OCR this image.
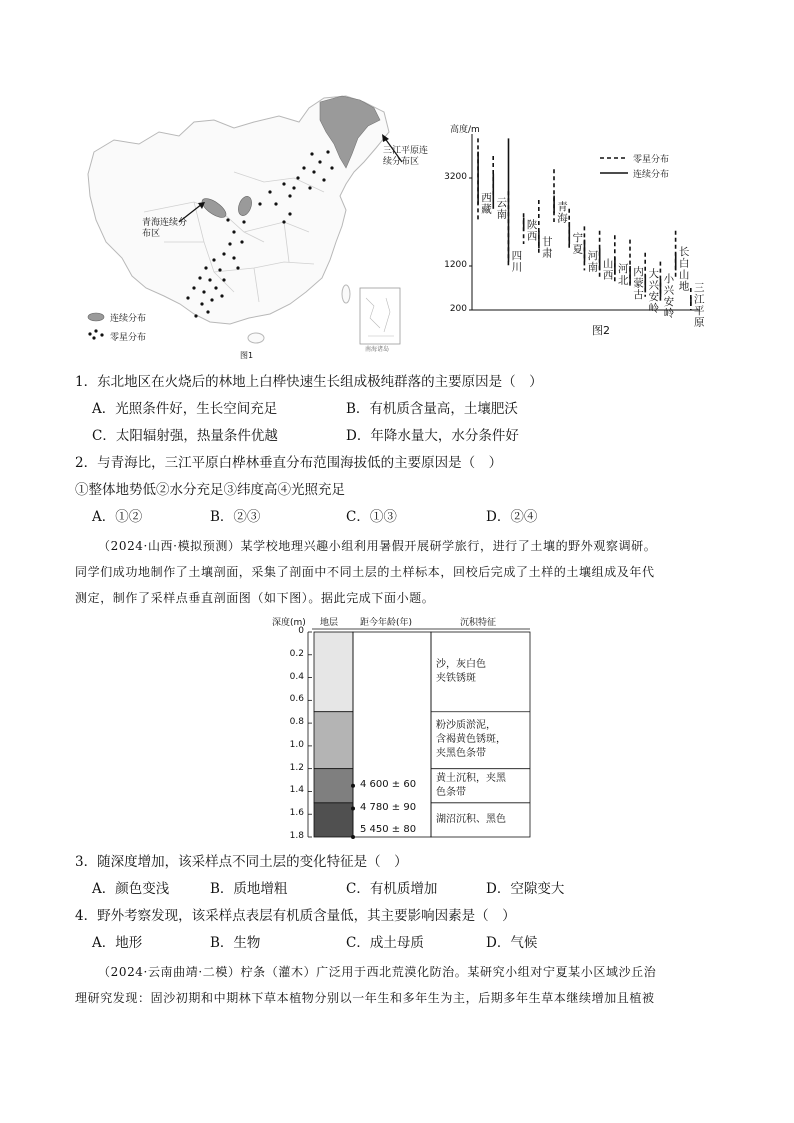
三江平原连续分布区
青海连续分布区
连续分布
零星分布
南海诸岛
图1
高度/m
零星分布
连续分布
200
1200
3200
西藏 云南
四川
陕西
甘肃
青海
宁夏
河南 山西 河北 内蒙古 大兴安岭 小兴安岭
长白山地
三江平原
图2
1．东北地区在火烧后的林地上白桦快速生长组成极纯群落的主要原因是（　）
A．光照条件好，生长空间充足	B．有机质含量高，土壤肥沃
C．太阳辐射强，热量条件优越	D．年降水量大，水分条件好
2．与青海比，三江平原白桦林垂直分布范围海拔低的主要原因是（　）
①整体地势低②水分充足③纬度高④光照充足
A．①②	B．②③	C．①③	D．②④
（2024·山西·模拟预测）某学校地理兴趣小组利用暑假开展研学旅行，进行了土壤的野外观察调研。
同学们成功地制作了土壤剖面，采集了剖面中不同土层的土样标本，回校后完成了土样的土壤组成及年代
测定，制作了采样点垂直剖面图（如下图）。据此完成下面小题。
深度(m) 地层 距今年龄(年)	沉积特征
0
0.2
0.4
0.6
0.8
1.0
1.2
1.4
1.6
1.8
4 600 ± 60
4 780 ± 90
5 450 ± 80
沙，灰白色
夹铁锈斑
粉沙质淤泥，
含褐黄色锈斑，
夹黑色条带
黄土沉积，夹黑
色条带
湖沼沉积、黑色
3．随深度增加，该采样点不同土层的变化特征是（　）
A．颜色变浅	B．质地增粗	C．有机质增加	D．空隙变大
4．野外考察发现，该采样点表层有机质含量低，其主要影响因素是（　）
A．地形	B．生物	C．成土母质	D．气候
（2024·云南曲靖·二模）柠条（灌木）广泛用于西北荒漠化防治。某研究小组对宁夏某小区域沙丘治
理研究发现：固沙初期和中期林下草本植物分别以一年生和多年生为主，后期多年生草本继续增加且植被
